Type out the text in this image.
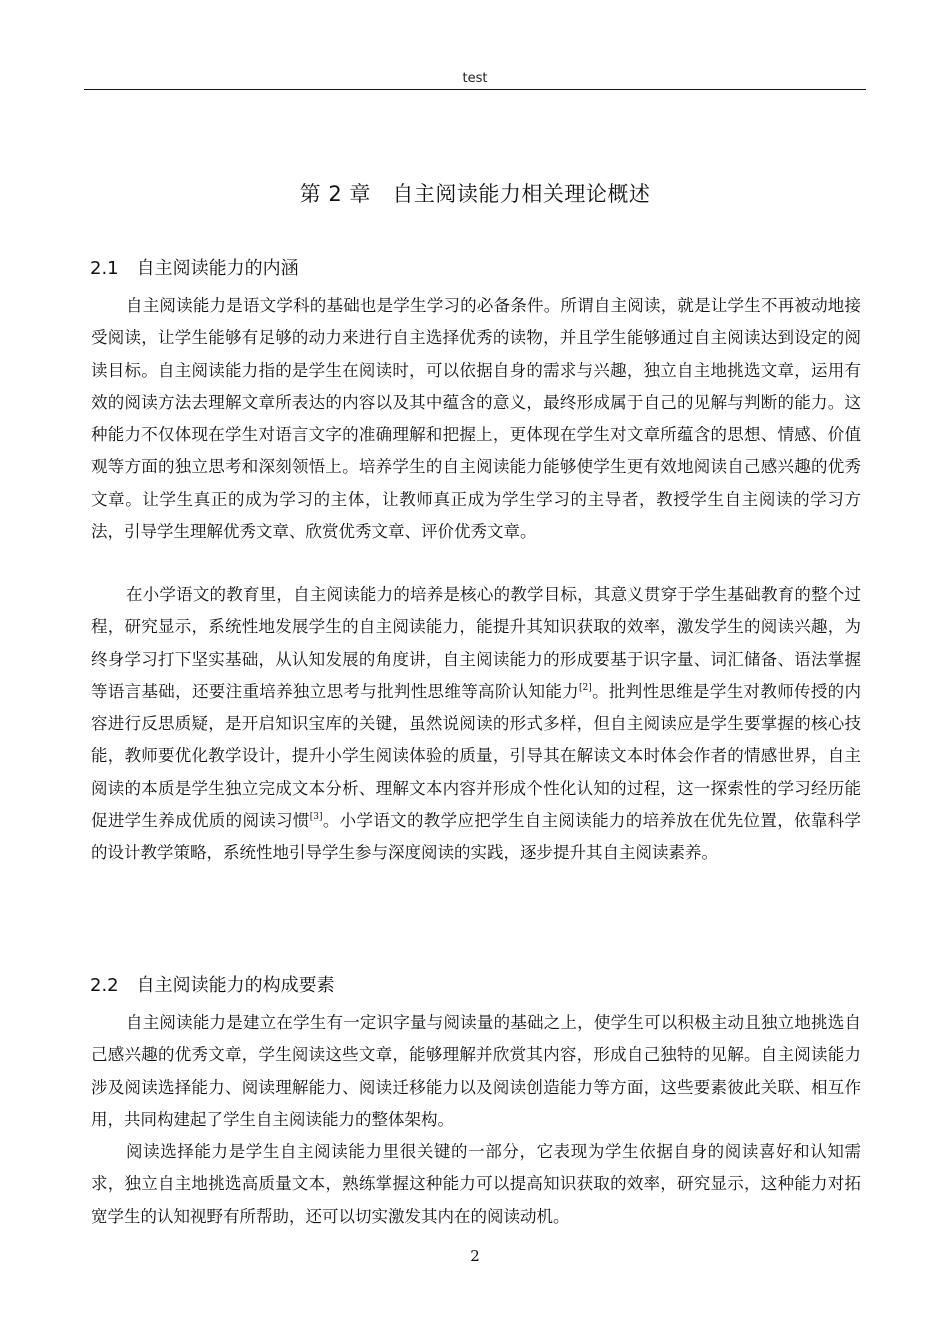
test
第 2 章　自主阅读能力相关理论概述
2.1　自主阅读能力的内涵

自主阅读能力是语文学科的基础也是学生学习的必备条件。所谓自主阅读，就是让学生不再被动地接受阅读，让学生能够有足够的动力来进行自主选择优秀的读物，并且学生能够通过自主阅读达到设定的阅读目标。自主阅读能力指的是学生在阅读时，可以依据自身的需求与兴趣，独立自主地挑选文章，运用有效的阅读方法去理解文章所表达的内容以及其中蕴含的意义，最终形成属于自己的见解与判断的能力。这种能力不仅体现在学生对语言文字的准确理解和把握上，更体现在学生对文章所蕴含的思想、情感、价值观等方面的独立思考和深刻领悟上。培养学生的自主阅读能力能够使学生更有效地阅读自己感兴趣的优秀文章。让学生真正的成为学习的主体，让教师真正成为学生学习的主导者，教授学生自主阅读的学习方法，引导学生理解优秀文章、欣赏优秀文章、评价优秀文章。

在小学语文的教育里，自主阅读能力的培养是核心的教学目标，其意义贯穿于学生基础教育的整个过程，研究显示，系统性地发展学生的自主阅读能力，能提升其知识获取的效率，激发学生的阅读兴趣，为终身学习打下坚实基础，从认知发展的角度讲，自主阅读能力的形成要基于识字量、词汇储备、语法掌握等语言基础，还要注重培养独立思考与批判性思维等高阶认知能力[2]。批判性思维是学生对教师传授的内容进行反思质疑，是开启知识宝库的关键，虽然说阅读的形式多样，但自主阅读应是学生要掌握的核心技能，教师要优化教学设计，提升小学生阅读体验的质量，引导其在解读文本时体会作者的情感世界，自主阅读的本质是学生独立完成文本分析、理解文本内容并形成个性化认知的过程，这一探索性的学习经历能促进学生养成优质的阅读习惯[3]。小学语文的教学应把学生自主阅读能力的培养放在优先位置，依靠科学的设计教学策略，系统性地引导学生参与深度阅读的实践，逐步提升其自主阅读素养。

2.2　自主阅读能力的构成要素

自主阅读能力是建立在学生有一定识字量与阅读量的基础之上，使学生可以积极主动且独立地挑选自己感兴趣的优秀文章，学生阅读这些文章，能够理解并欣赏其内容，形成自己独特的见解。自主阅读能力涉及阅读选择能力、阅读理解能力、阅读迁移能力以及阅读创造能力等方面，这些要素彼此关联、相互作用，共同构建起了学生自主阅读能力的整体架构。

阅读选择能力是学生自主阅读能力里很关键的一部分，它表现为学生依据自身的阅读喜好和认知需求，独立自主地挑选高质量文本，熟练掌握这种能力可以提高知识获取的效率，研究显示，这种能力对拓宽学生的认知视野有所帮助，还可以切实激发其内在的阅读动机。

2
